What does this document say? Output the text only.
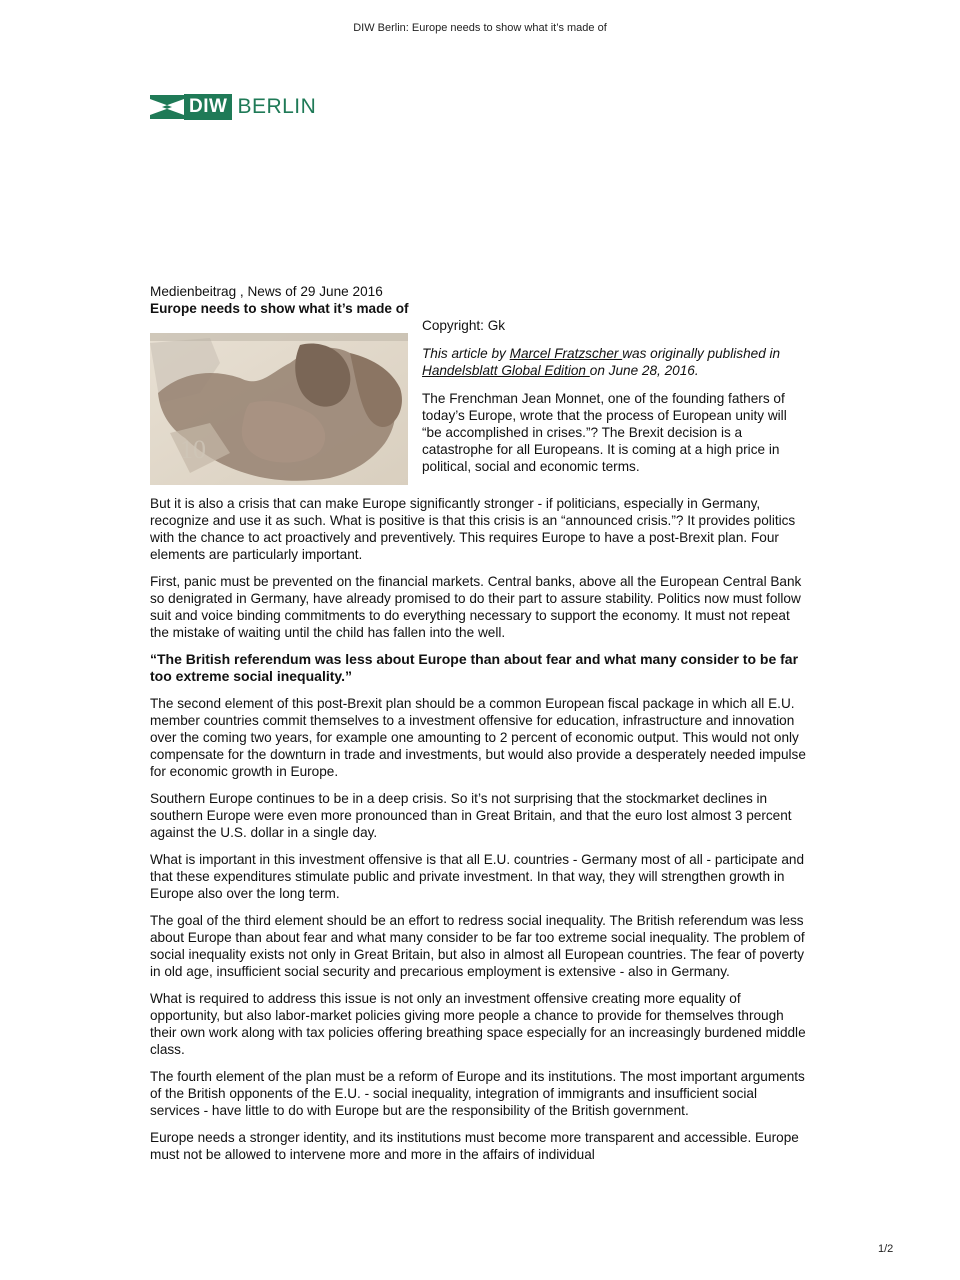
DIW Berlin: Europe needs to show what it’s made of
DIW BERLIN

Medienbeitrag , News of 29 June 2016

Europe needs to show what it’s made of
10

Copyright: Gk

This article by Marcel Fratzscher was originally published in Handelsblatt Global Edition on June 28, 2016.

The Frenchman Jean Monnet, one of the founding fathers of today’s Europe, wrote that the process of European unity will “be accomplished in crises.”? The Brexit decision is a catastrophe for all Europeans. It is coming at a high price in political, social and economic terms.

But it is also a crisis that can make Europe significantly stronger - if politicians, especially in Germany, recognize and use it as such. What is positive is that this crisis is an “announced crisis.”? It provides politics with the chance to act proactively and preventively. This requires Europe to have a post-Brexit plan. Four elements are particularly important.

First, panic must be prevented on the financial markets. Central banks, above all the European Central Bank so denigrated in Germany, have already promised to do their part to assure stability. Politics now must follow suit and voice binding commitments to do everything necessary to support the economy. It must not repeat the mistake of waiting until the child has fallen into the well.

“The British referendum was less about Europe than about fear and what many consider to be far too extreme social inequality.”

The second element of this post-Brexit plan should be a common European fiscal package in which all E.U. member countries commit themselves to a investment offensive for education, infrastructure and innovation over the coming two years, for example one amounting to 2 percent of economic output. This would not only compensate for the downturn in trade and investments, but would also provide a desperately needed impulse for economic growth in Europe.

Southern Europe continues to be in a deep crisis. So it’s not surprising that the stockmarket declines in southern Europe were even more pronounced than in Great Britain, and that the euro lost almost 3 percent against the U.S. dollar in a single day.

What is important in this investment offensive is that all E.U. countries - Germany most of all - participate and that these expenditures stimulate public and private investment. In that way, they will strengthen growth in Europe also over the long term.

The goal of the third element should be an effort to redress social inequality. The British referendum was less about Europe than about fear and what many consider to be far too extreme social inequality. The problem of social inequality exists not only in Great Britain, but also in almost all European countries. The fear of poverty in old age, insufficient social security and precarious employment is extensive - also in Germany.

What is required to address this issue is not only an investment offensive creating more equality of opportunity, but also labor-market policies giving more people a chance to provide for themselves through their own work along with tax policies offering breathing space especially for an increasingly burdened middle class.

The fourth element of the plan must be a reform of Europe and its institutions. The most important arguments of the British opponents of the E.U. - social inequality, integration of immigrants and insufficient social services - have little to do with Europe but are the responsibility of the British government.

Europe needs a stronger identity, and its institutions must become more transparent and accessible. Europe must not be allowed to intervene more and more in the affairs of individual

1/2
